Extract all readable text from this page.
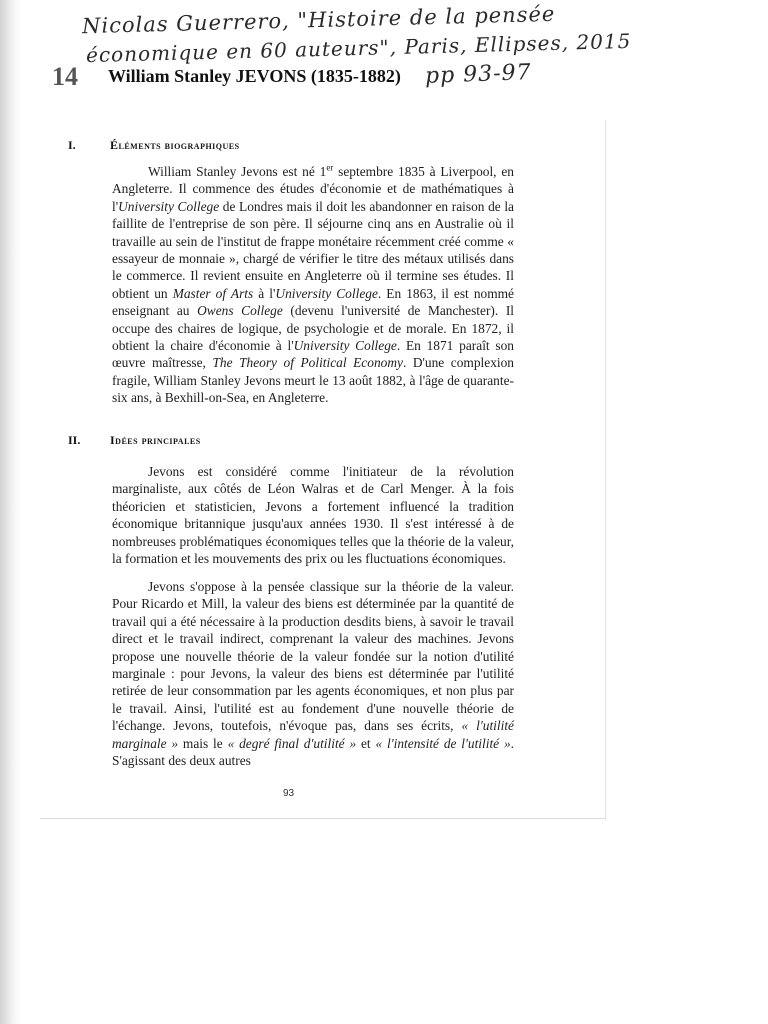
Nicolas Guerrero, "Histoire de la pensée
économique en 60 auteurs", Paris, Ellipses, 2015
pp 93-97
14 William Stanley JEVONS (1835-1882)
I.	Éléments biographiques

William Stanley Jevons est né 1er septembre 1835 à Liverpool, en Angleterre. Il commence des études d'économie et de mathématiques à l'University College de Londres mais il doit les abandonner en raison de la faillite de l'entreprise de son père. Il séjourne cinq ans en Australie où il travaille au sein de l'institut de frappe monétaire récemment créé comme « essayeur de monnaie », chargé de vérifier le titre des métaux utilisés dans le commerce. Il revient ensuite en Angleterre où il termine ses études. Il obtient un Master of Arts à l'University College. En 1863, il est nommé enseignant au Owens College (devenu l'université de Manchester). Il occupe des chaires de logique, de psychologie et de morale. En 1872, il obtient la chaire d'économie à l'University College. En 1871 paraît son œuvre maîtresse, The Theory of Political Economy. D'une complexion fragile, William Stanley Jevons meurt le 13 août 1882, à l'âge de quarante-six ans, à Bexhill-on-Sea, en Angleterre.

II. Idées principales

Jevons est considéré comme l'initiateur de la révolution marginaliste, aux côtés de Léon Walras et de Carl Menger. À la fois théoricien et statisticien, Jevons a fortement influencé la tradition économique britannique jusqu'aux années 1930. Il s'est intéressé à de nombreuses problématiques économiques telles que la théorie de la valeur, la formation et les mouvements des prix ou les fluctuations économiques.

Jevons s'oppose à la pensée classique sur la théorie de la valeur. Pour Ricardo et Mill, la valeur des biens est déterminée par la quantité de travail qui a été nécessaire à la production desdits biens, à savoir le travail direct et le travail indirect, comprenant la valeur des machines. Jevons propose une nouvelle théorie de la valeur fondée sur la notion d'utilité marginale : pour Jevons, la valeur des biens est déterminée par l'utilité retirée de leur consommation par les agents économiques, et non plus par le travail. Ainsi, l'utilité est au fondement d'une nouvelle théorie de l'échange. Jevons, toutefois, n'évoque pas, dans ses écrits, « l'utilité marginale » mais le « degré final d'utilité » et « l'intensité de l'utilité ». S'agissant des deux autres

93
